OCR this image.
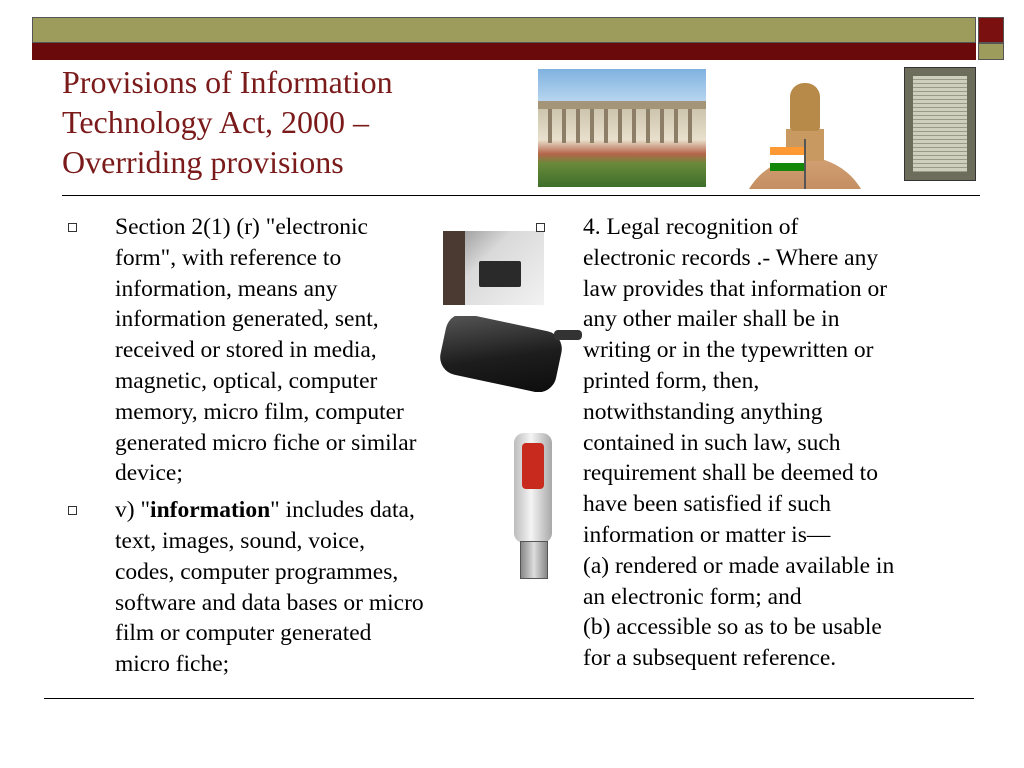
Provisions of Information
Technology Act, 2000 –
Overriding provisions
Section 2(1) (r) "electronic
form", with reference to
information, means any
information generated, sent,
received or stored in media,
magnetic, optical, computer
memory, micro film, computer
generated micro fiche or similar
device;
v) "information" includes data,
text, images, sound, voice,
codes, computer programmes,
software and data bases or micro
film or computer generated
micro fiche;
4. Legal recognition of
electronic records .- Where any
law provides that information or
any other mailer shall be in
writing or in the typewritten or
printed form, then,
notwithstanding anything
contained in such law, such
requirement shall be deemed to
have been satisfied if such
information or matter is—
(a) rendered or made available in
an electronic form; and
(b) accessible so as to be usable
for a subsequent reference.
